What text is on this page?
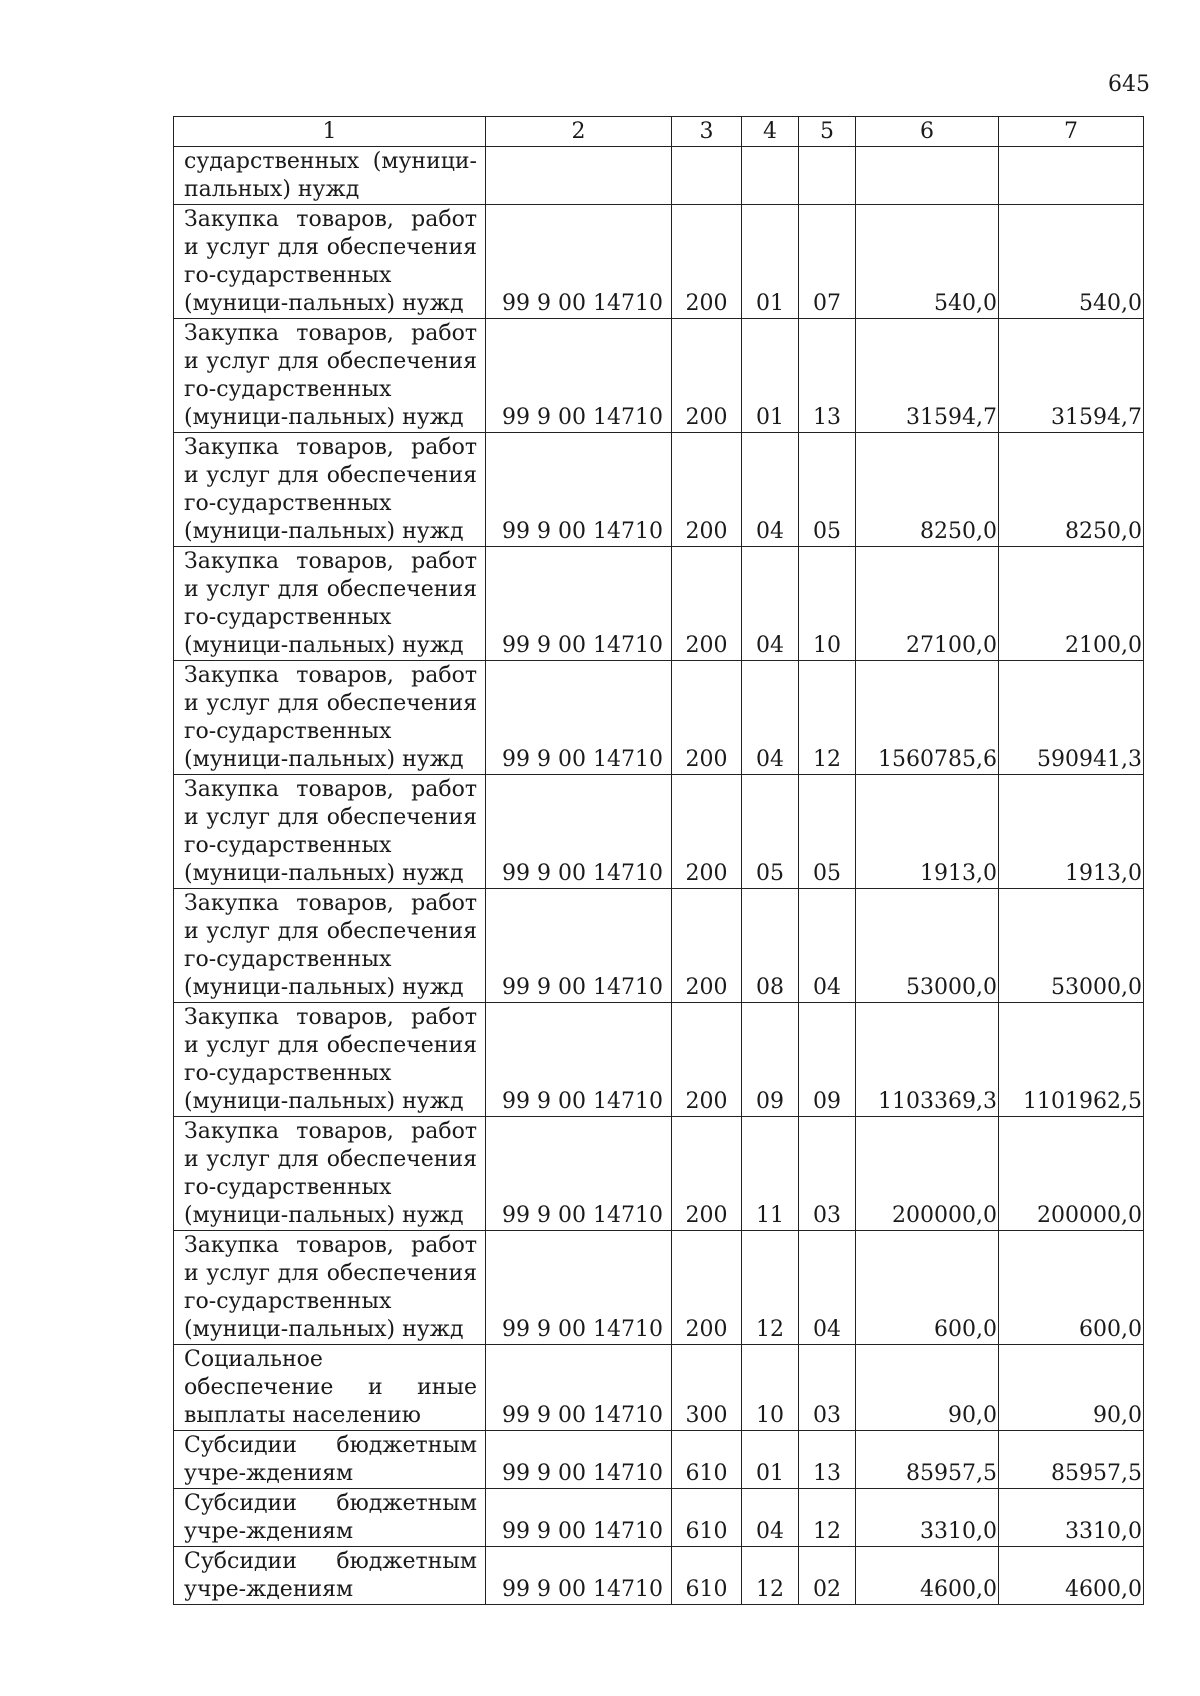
645
1	2	3	4	5	6	7
сударственных (муници-пальных) нужд						
Закупка товаров, работ и услуг для обеспечения го-сударственных (муници-пальных) нужд	99 9 00 14710	200	01	07	540,0	540,0
Закупка товаров, работ и услуг для обеспечения го-сударственных (муници-пальных) нужд	99 9 00 14710	200	01	13	31594,7	31594,7
Закупка товаров, работ и услуг для обеспечения го-сударственных (муници-пальных) нужд	99 9 00 14710	200	04	05	8250,0	8250,0
Закупка товаров, работ и услуг для обеспечения го-сударственных (муници-пальных) нужд	99 9 00 14710	200	04	10	27100,0	2100,0
Закупка товаров, работ и услуг для обеспечения го-сударственных (муници-пальных) нужд	99 9 00 14710	200	04	12	1560785,6	590941,3
Закупка товаров, работ и услуг для обеспечения го-сударственных (муници-пальных) нужд	99 9 00 14710	200	05	05	1913,0	1913,0
Закупка товаров, работ и услуг для обеспечения го-сударственных (муници-пальных) нужд	99 9 00 14710	200	08	04	53000,0	53000,0
Закупка товаров, работ и услуг для обеспечения го-сударственных (муници-пальных) нужд	99 9 00 14710	200	09	09	1103369,3	1101962,5
Закупка товаров, работ и услуг для обеспечения го-сударственных (муници-пальных) нужд	99 9 00 14710	200	11	03	200000,0	200000,0
Закупка товаров, работ и услуг для обеспечения го-сударственных (муници-пальных) нужд	99 9 00 14710	200	12	04	600,0	600,0
Социальное обеспечение и иные выплаты населению	99 9 00 14710	300	10	03	90,0	90,0
Субсидии бюджетным учре-ждениям	99 9 00 14710	610	01	13	85957,5	85957,5
Субсидии бюджетным учре-ждениям	99 9 00 14710	610	04	12	3310,0	3310,0
Субсидии бюджетным учре-ждениям	99 9 00 14710	610	12	02	4600,0	4600,0
